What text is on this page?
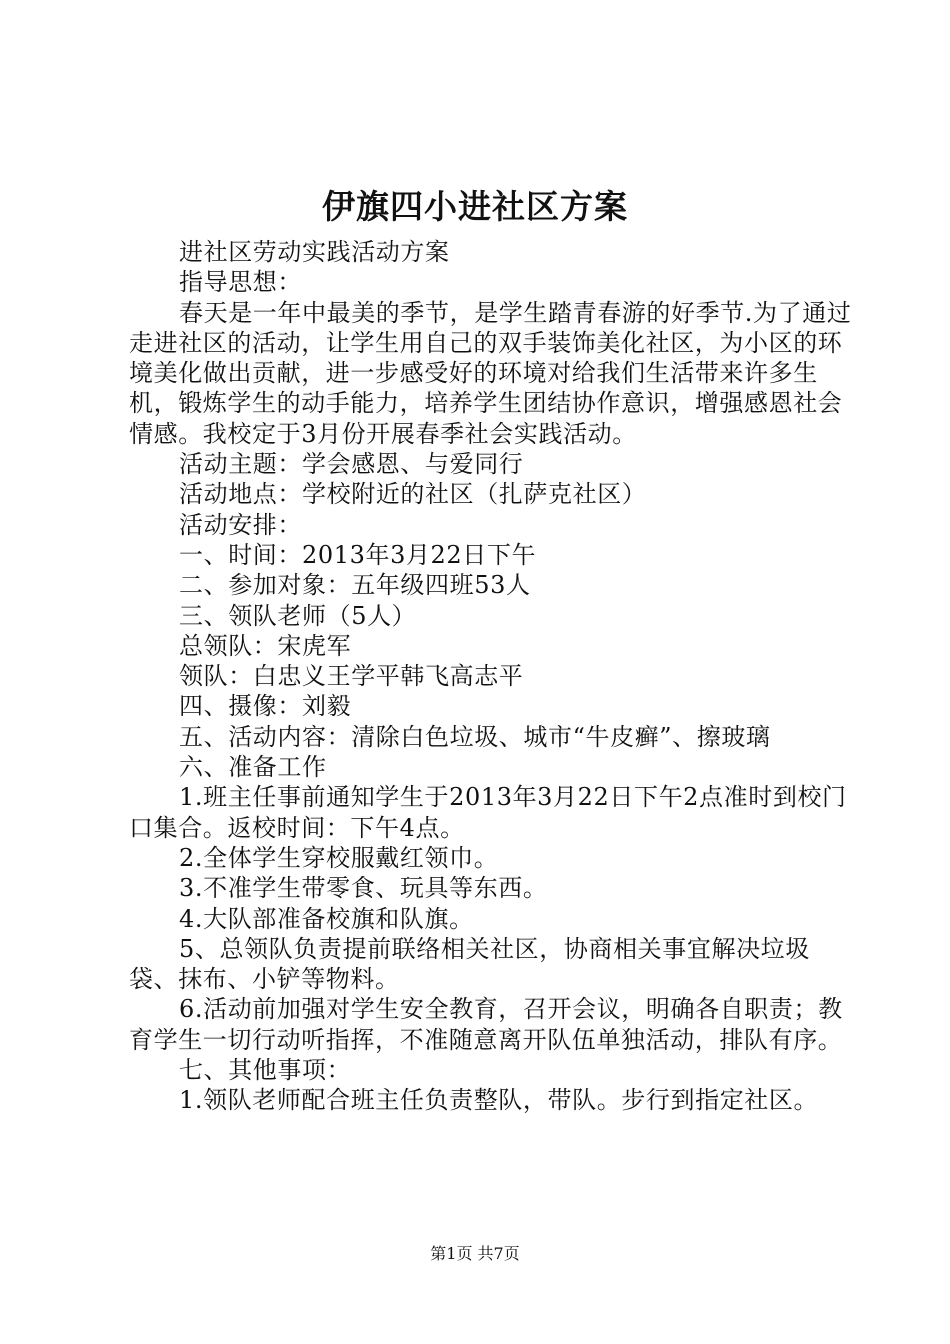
伊旗四小进社区方案

进社区劳动实践活动方案

指导思想：

春天是一年中最美的季节，是学生踏青春游的好季节.为了通过走进社区的活动，让学生用自己的双手装饰美化社区，为小区的环境美化做出贡献，进一步感受好的环境对给我们生活带来许多生机，锻炼学生的动手能力，培养学生团结协作意识，增强感恩社会情感。我校定于3月份开展春季社会实践活动。

活动主题：学会感恩、与爱同行

活动地点：学校附近的社区（扎萨克社区）

活动安排：

一、时间：2013年3月22日下午

二、参加对象：五年级四班53人

三、领队老师（5人）

总领队：宋虎军

领队：白忠义王学平韩飞高志平

四、摄像：刘毅

五、活动内容：清除白色垃圾、城市“牛皮癣”、擦玻璃

六、准备工作

1.班主任事前通知学生于2013年3月22日下午2点准时到校门口集合。返校时间：下午4点。

2.全体学生穿校服戴红领巾。

3.不准学生带零食、玩具等东西。

4.大队部准备校旗和队旗。

5、总领队负责提前联络相关社区，协商相关事宜解决垃圾袋、抹布、小铲等物料。

6.活动前加强对学生安全教育，召开会议，明确各自职责；教育学生一切行动听指挥，不准随意离开队伍单独活动，排队有序。

七、其他事项：

1.领队老师配合班主任负责整队，带队。步行到指定社区。

第1页 共7页
